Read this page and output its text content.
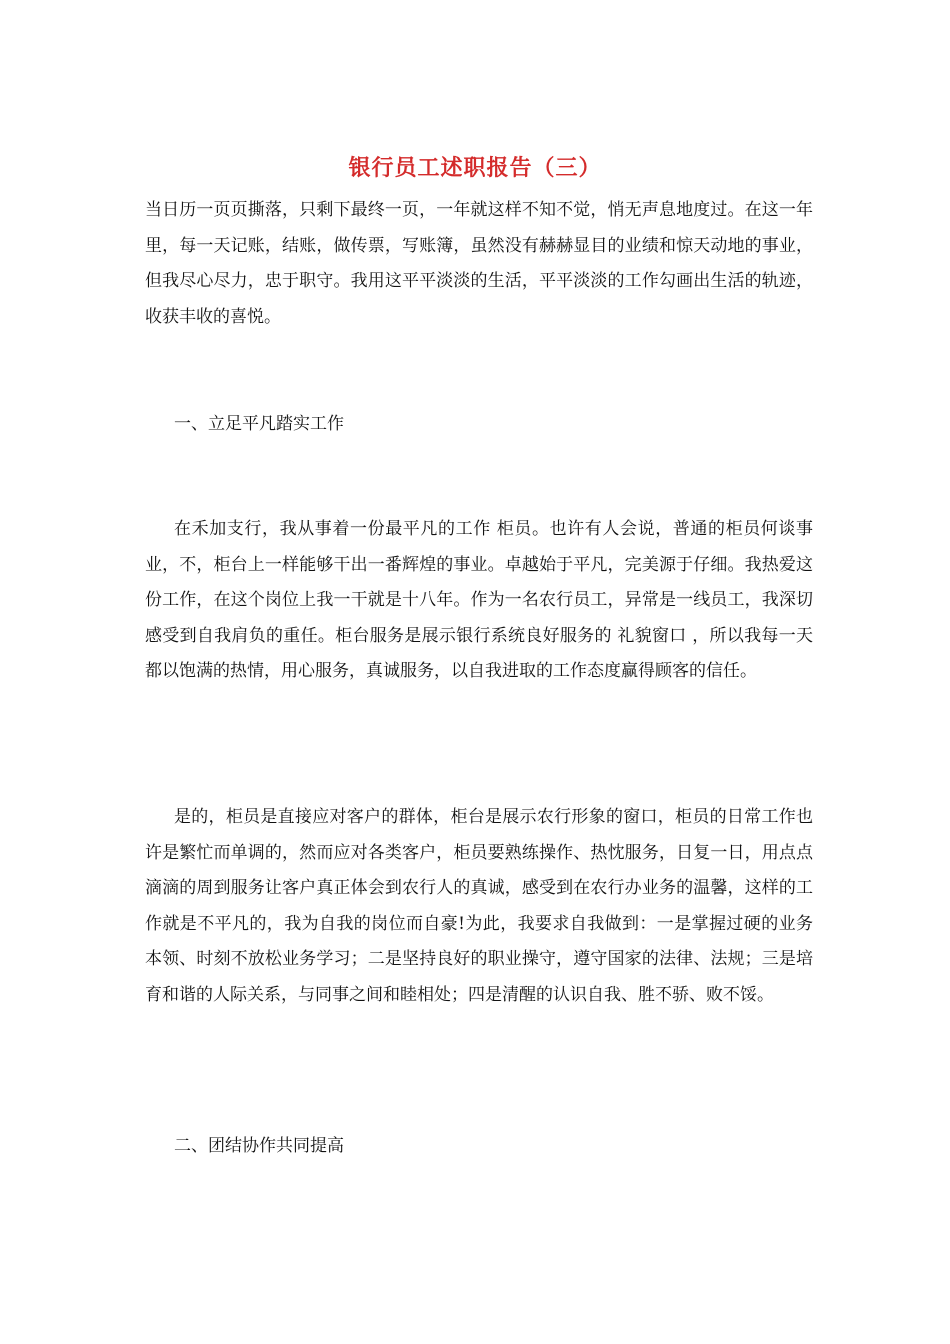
银行员工述职报告（三）

当日历一页页撕落，只剩下最终一页，一年就这样不知不觉，悄无声息地度过。在这一年里，每一天记账，结账，做传票，写账簿，虽然没有赫赫显目的业绩和惊天动地的事业，但我尽心尽力，忠于职守。我用这平平淡淡的生活，平平淡淡的工作勾画出生活的轨迹，收获丰收的喜悦。

一、立足平凡踏实工作

在禾加支行，我从事着一份最平凡的工作 柜员。也许有人会说，普通的柜员何谈事业，不，柜台上一样能够干出一番辉煌的事业。卓越始于平凡，完美源于仔细。我热爱这份工作，在这个岗位上我一干就是十八年。作为一名农行员工，异常是一线员工，我深切感受到自我肩负的重任。柜台服务是展示银行系统良好服务的 礼貌窗口 ，所以我每一天都以饱满的热情，用心服务，真诚服务，以自我进取的工作态度赢得顾客的信任。

是的，柜员是直接应对客户的群体，柜台是展示农行形象的窗口，柜员的日常工作也许是繁忙而单调的，然而应对各类客户，柜员要熟练操作、热忱服务，日复一日，用点点滴滴的周到服务让客户真正体会到农行人的真诚，感受到在农行办业务的温馨，这样的工作就是不平凡的，我为自我的岗位而自豪!为此，我要求自我做到：一是掌握过硬的业务本领、时刻不放松业务学习；二是坚持良好的职业操守，遵守国家的法律、法规；三是培育和谐的人际关系，与同事之间和睦相处；四是清醒的认识自我、胜不骄、败不馁。

二、团结协作共同提高
